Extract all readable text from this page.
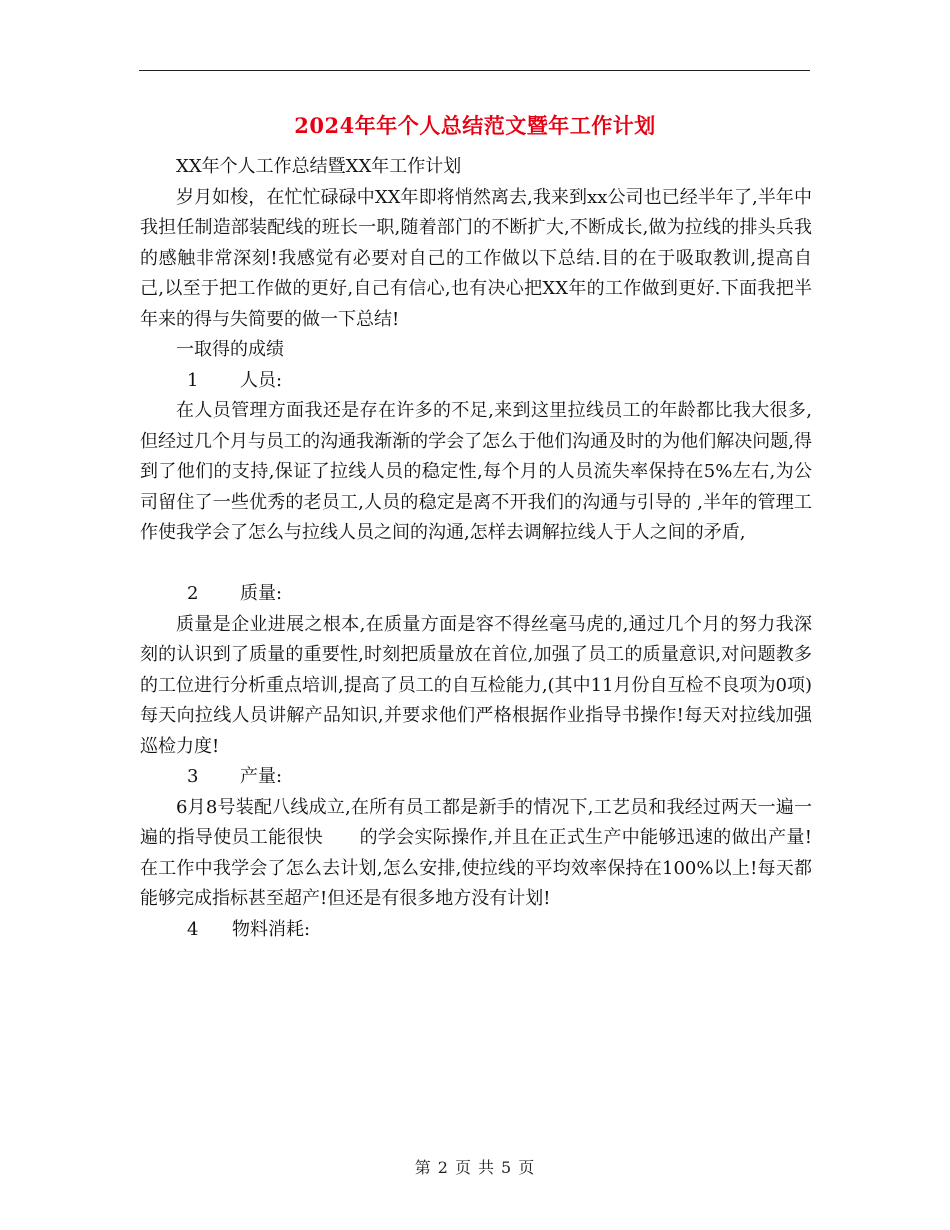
2024年年个人总结范文暨年工作计划

XX年个人工作总结暨XX年工作计划

岁月如梭，在忙忙碌碌中XX年即将悄然离去,我来到xx公司也已经半年了,半年中我担任制造部装配线的班长一职,随着部门的不断扩大,不断成长,做为拉线的排头兵我的感触非常深刻!我感觉有必要对自己的工作做以下总结.目的在于吸取教训,提高自己,以至于把工作做的更好,自己有信心,也有决心把XX年的工作做到更好.下面我把半年来的得与失简要的做一下总结!

一取得的成绩

1 人员:

在人员管理方面我还是存在许多的不足,来到这里拉线员工的年龄都比我大很多,但经过几个月与员工的沟通我渐渐的学会了怎么于他们沟通及时的为他们解决问题,得到了他们的支持,保证了拉线人员的稳定性,每个月的人员流失率保持在5%左右,为公司留住了一些优秀的老员工,人员的稳定是离不开我们的沟通与引导的 ,半年的管理工作使我学会了怎么与拉线人员之间的沟通,怎样去调解拉线人于人之间的矛盾,

2 质量:

质量是企业进展之根本,在质量方面是容不得丝毫马虎的,通过几个月的努力我深刻的认识到了质量的重要性,时刻把质量放在首位,加强了员工的质量意识,对问题教多的工位进行分析重点培训,提高了员工的自互检能力,(其中11月份自互检不良项为0项)每天向拉线人员讲解产品知识,并要求他们严格根据作业指导书操作!每天对拉线加强巡检力度!

3 产量:

6月8号装配八线成立,在所有员工都是新手的情况下,工艺员和我经过两天一遍一遍的指导使员工能很快　　的学会实际操作,并且在正式生产中能够迅速的做出产量!在工作中我学会了怎么去计划,怎么安排,使拉线的平均效率保持在100%以上!每天都能够完成指标甚至超产!但还是有很多地方没有计划!

4 物料消耗:

第 2 页 共 5 页
